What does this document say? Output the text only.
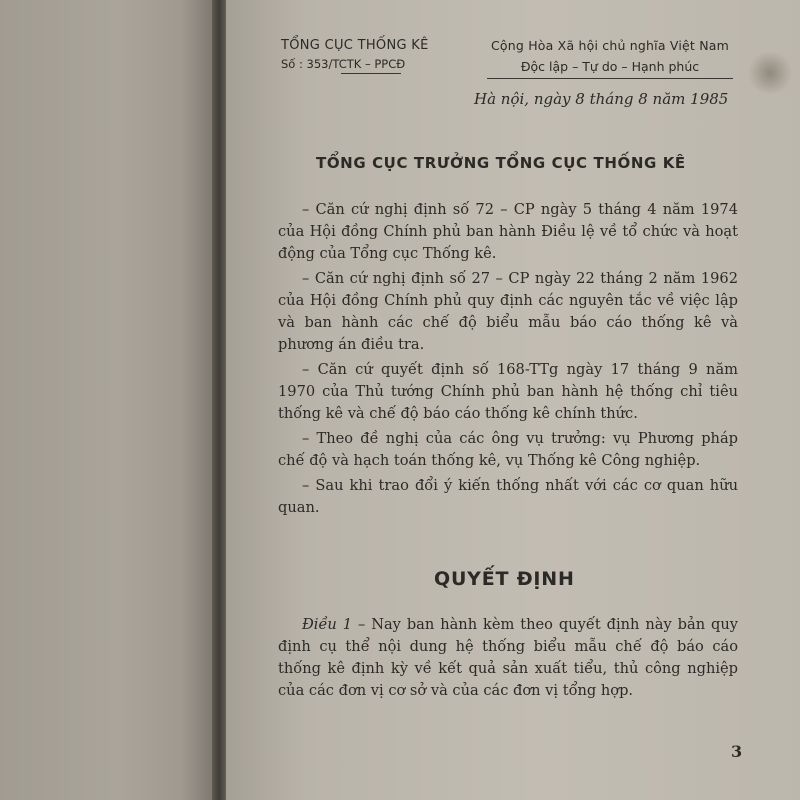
TỔNG CỤC THỐNG KÊ
Số : 353/TCTK – PPCĐ
Cộng Hòa Xã hội chủ nghĩa Việt Nam
Độc lập – Tự do – Hạnh phúc
Hà nội, ngày 8 tháng 8 năm 1985
TỔNG CỤC TRƯỞNG TỔNG CỤC THỐNG KÊ

– Căn cứ nghị định số 72 – CP ngày 5 tháng 4 năm 1974 của Hội đồng Chính phủ ban hành Điều lệ về tổ chức và hoạt động của Tổng cục Thống kê.

– Căn cứ nghị định số 27 – CP ngày 22 tháng 2 năm 1962 của Hội đồng Chính phủ quy định các nguyên tắc về việc lập và ban hành các chế độ biểu mẫu báo cáo thống kê và phương án điều tra.

– Căn cứ quyết định số 168-TTg ngày 17 tháng 9 năm 1970 của Thủ tướng Chính phủ ban hành hệ thống chỉ tiêu thống kê và chế độ báo cáo thống kê chính thức.

– Theo đề nghị của các ông vụ trưởng: vụ Phương pháp chế độ và hạch toán thống kê, vụ Thống kê Công nghiệp.

– Sau khi trao đổi ý kiến thống nhất với các cơ quan hữu quan.

QUYẾT ĐỊNH

Điều 1 – Nay ban hành kèm theo quyết định này bản quy định cụ thể nội dung hệ thống biểu mẫu chế độ báo cáo thống kê định kỳ về kết quả sản xuất tiểu, thủ công nghiệp của các đơn vị cơ sở và của các đơn vị tổng hợp.

3
